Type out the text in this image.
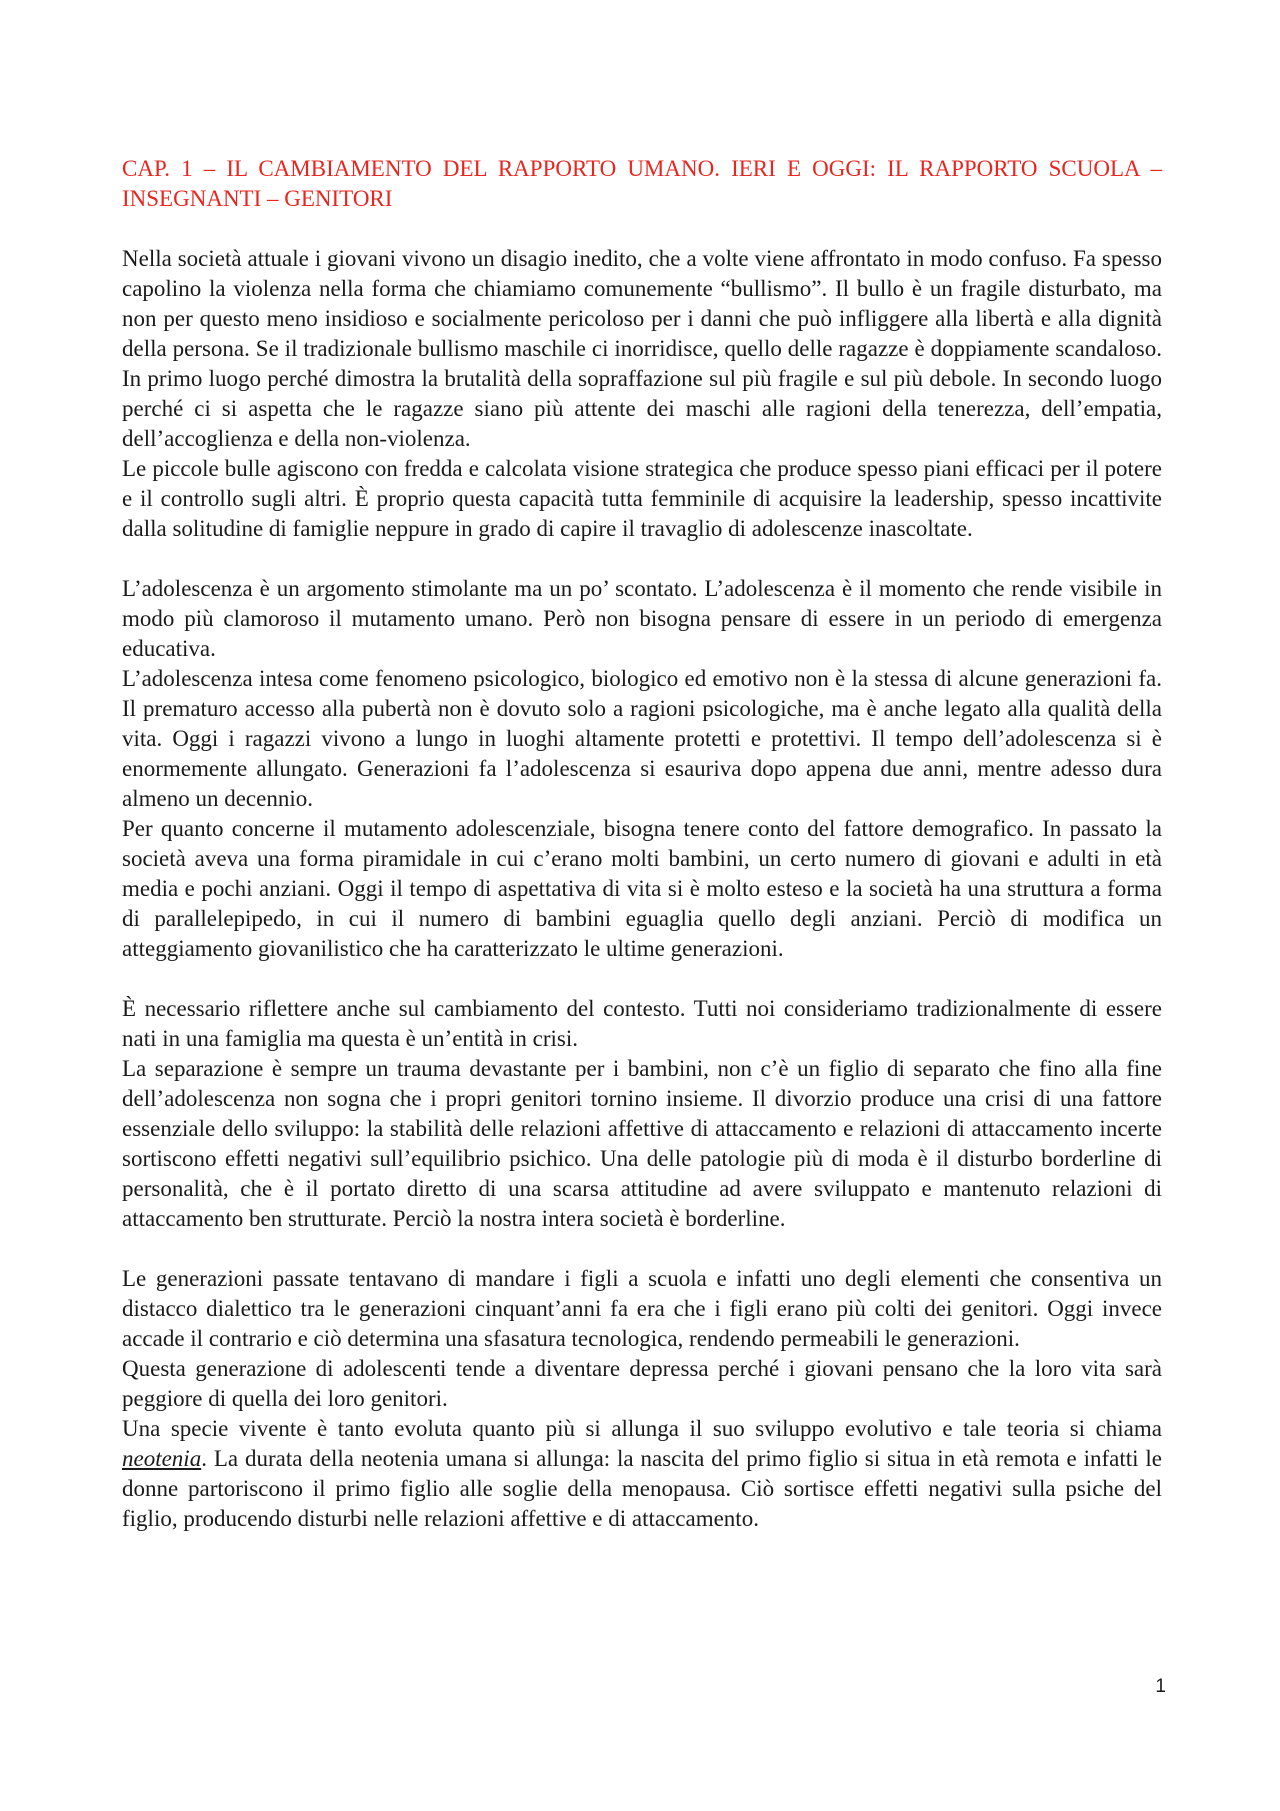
CAP. 1 – IL CAMBIAMENTO DEL RAPPORTO UMANO. IERI E OGGI: IL RAPPORTO SCUOLA – INSEGNANTI – GENITORI

Nella società attuale i giovani vivono un disagio inedito, che a volte viene affrontato in modo confuso. Fa spesso capolino la violenza nella forma che chiamiamo comunemente “bullismo”. Il bullo è un fragile disturbato, ma non per questo meno insidioso e socialmente pericoloso per i danni che può infliggere alla libertà e alla dignità della persona. Se il tradizionale bullismo maschile ci inorridisce, quello delle ragazze è doppiamente scandaloso. In primo luogo perché dimostra la brutalità della sopraffazione sul più fragile e sul più debole. In secondo luogo perché ci si aspetta che le ragazze siano più attente dei maschi alle ragioni della tenerezza, dell’empatia, dell’accoglienza e della non-violenza.

Le piccole bulle agiscono con fredda e calcolata visione strategica che produce spesso piani efficaci per il potere e il controllo sugli altri. È proprio questa capacità tutta femminile di acquisire la leadership, spesso incattivite dalla solitudine di famiglie neppure in grado di capire il travaglio di adolescenze inascoltate.

L’adolescenza è un argomento stimolante ma un po’ scontato. L’adolescenza è il momento che rende visibile in modo più clamoroso il mutamento umano. Però non bisogna pensare di essere in un periodo di emergenza educativa.

L’adolescenza intesa come fenomeno psicologico, biologico ed emotivo non è la stessa di alcune generazioni fa. Il prematuro accesso alla pubertà non è dovuto solo a ragioni psicologiche, ma è anche legato alla qualità della vita. Oggi i ragazzi vivono a lungo in luoghi altamente protetti e protettivi. Il tempo dell’adolescenza si è enormemente allungato. Generazioni fa l’adolescenza si esauriva dopo appena due anni, mentre adesso dura almeno un decennio.

Per quanto concerne il mutamento adolescenziale, bisogna tenere conto del fattore demografico. In passato la società aveva una forma piramidale in cui c’erano molti bambini, un certo numero di giovani e adulti in età media e pochi anziani. Oggi il tempo di aspettativa di vita si è molto esteso e la società ha una struttura a forma di parallelepipedo, in cui il numero di bambini eguaglia quello degli anziani. Perciò di modifica un atteggiamento giovanilistico che ha caratterizzato le ultime generazioni.

È necessario riflettere anche sul cambiamento del contesto. Tutti noi consideriamo tradizionalmente di essere nati in una famiglia ma questa è un’entità in crisi.

La separazione è sempre un trauma devastante per i bambini, non c’è un figlio di separato che fino alla fine dell’adolescenza non sogna che i propri genitori tornino insieme. Il divorzio produce una crisi di una fattore essenziale dello sviluppo: la stabilità delle relazioni affettive di attaccamento e relazioni di attaccamento incerte sortiscono effetti negativi sull’equilibrio psichico. Una delle patologie più di moda è il disturbo borderline di personalità, che è il portato diretto di una scarsa attitudine ad avere sviluppato e mantenuto relazioni di attaccamento ben strutturate. Perciò la nostra intera società è borderline.

Le generazioni passate tentavano di mandare i figli a scuola e infatti uno degli elementi che consentiva un distacco dialettico tra le generazioni cinquant’anni fa era che i figli erano più colti dei genitori. Oggi invece accade il contrario e ciò determina una sfasatura tecnologica, rendendo permeabili le generazioni.

Questa generazione di adolescenti tende a diventare depressa perché i giovani pensano che la loro vita sarà peggiore di quella dei loro genitori.

Una specie vivente è tanto evoluta quanto più si allunga il suo sviluppo evolutivo e tale teoria si chiama neotenia. La durata della neotenia umana si allunga: la nascita del primo figlio si situa in età remota e infatti le donne partoriscono il primo figlio alle soglie della menopausa. Ciò sortisce effetti negativi sulla psiche del figlio, producendo disturbi nelle relazioni affettive e di attaccamento.

1
